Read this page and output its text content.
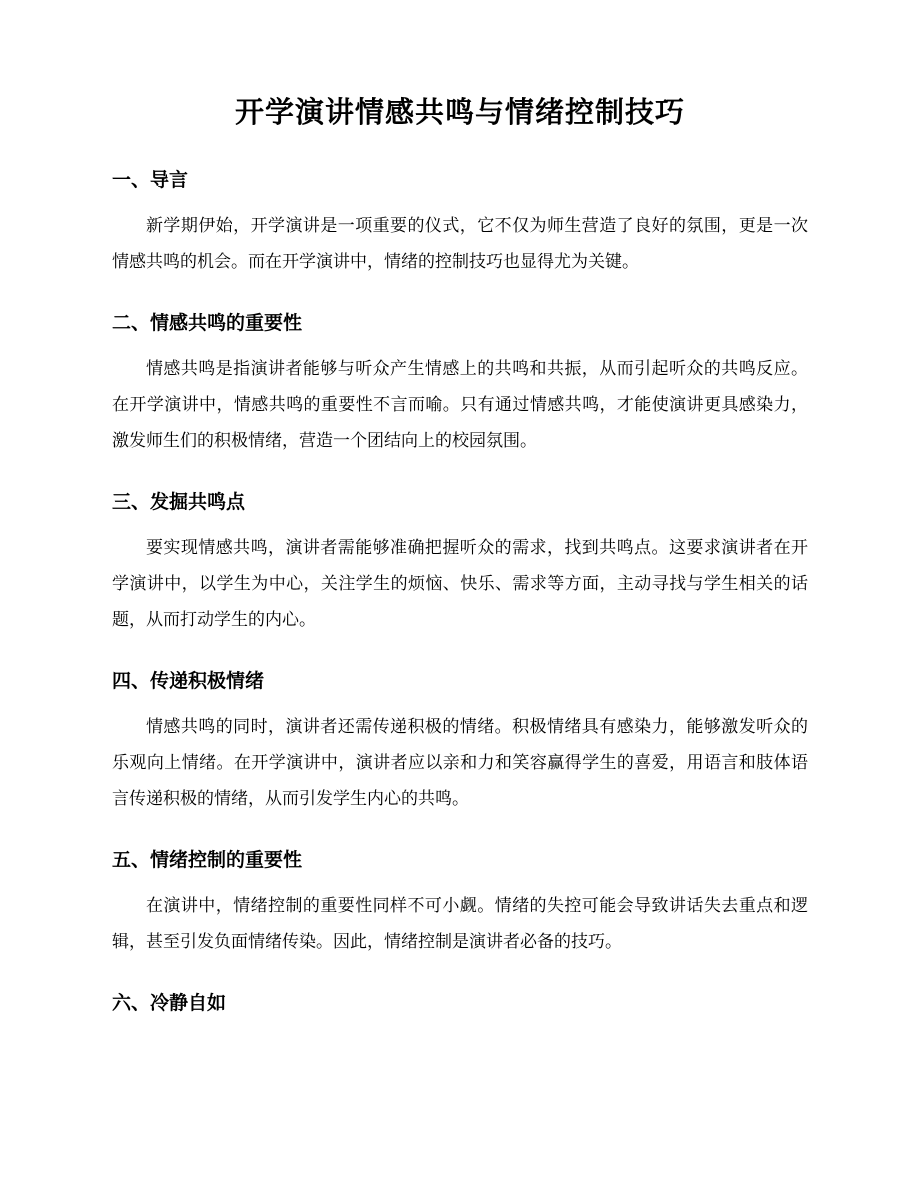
开学演讲情感共鸣与情绪控制技巧
一、导言

新学期伊始，开学演讲是一项重要的仪式，它不仅为师生营造了良好的氛围，更是一次情感共鸣的机会。而在开学演讲中，情绪的控制技巧也显得尤为关键。

二、情感共鸣的重要性

情感共鸣是指演讲者能够与听众产生情感上的共鸣和共振，从而引起听众的共鸣反应。在开学演讲中，情感共鸣的重要性不言而喻。只有通过情感共鸣，才能使演讲更具感染力，激发师生们的积极情绪，营造一个团结向上的校园氛围。

三、发掘共鸣点

要实现情感共鸣，演讲者需能够准确把握听众的需求，找到共鸣点。这要求演讲者在开学演讲中，以学生为中心，关注学生的烦恼、快乐、需求等方面，主动寻找与学生相关的话题，从而打动学生的内心。

四、传递积极情绪

情感共鸣的同时，演讲者还需传递积极的情绪。积极情绪具有感染力，能够激发听众的乐观向上情绪。在开学演讲中，演讲者应以亲和力和笑容赢得学生的喜爱，用语言和肢体语言传递积极的情绪，从而引发学生内心的共鸣。

五、情绪控制的重要性

在演讲中，情绪控制的重要性同样不可小觑。情绪的失控可能会导致讲话失去重点和逻辑，甚至引发负面情绪传染。因此，情绪控制是演讲者必备的技巧。

六、冷静自如
